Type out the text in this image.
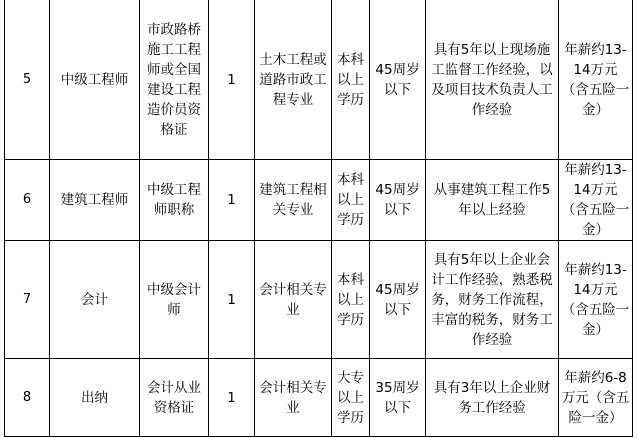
5	中级工程师	市政路桥施工工程师或全国建设工程造价员资格证	1	土木工程或道路市政工程专业	本科以上学历	45周岁以下	具有5年以上现场施工监督工作经验，以及项目技术负责人工作经验	年薪约13-14万元（含五险一金）
6	建筑工程师	中级工程师职称	1	建筑工程相关专业	本科以上学历	45周岁以下	从事建筑工程工作5年以上经验	年薪约13-14万元（含五险一金）
7	会计	中级会计师	1	会计相关专业	本科以上学历	45周岁以下	具有5年以上企业会计工作经验，熟悉税务，财务工作流程，丰富的税务，财务工作经验	年薪约13-14万元（含五险一金）
8	出纳	会计从业资格证	1	会计相关专业	大专以上学历	35周岁以下	具有3年以上企业财务工作经验	年薪约6-8万元（含五险一金）
